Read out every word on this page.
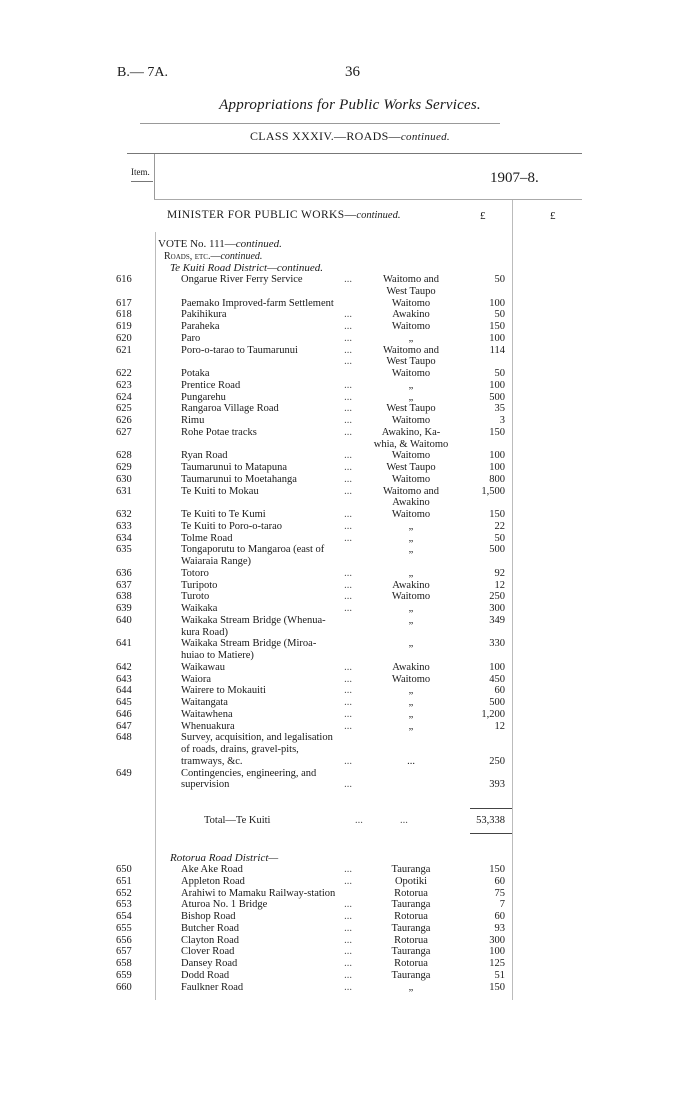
B.— 7A.	36
Appropriations for Public Works Services.
CLASS XXXIV.—ROADS—continued.
Item.	1907–8.
MINISTER FOR PUBLIC WORKS—continued.	£	£
VOTE No. 111—continued.
Roads, etc.—continued.
Te Kuiti Road District—continued.
616	Ongarue River Ferry Service	...	Waitomo and	50
West Taupo
617	Paemako Improved-farm Settlement	Waitomo	100
618	Pakihikura	...	Awakino	50
619	Paraheka	...	Waitomo	150
620	Paro	...	„	100
621	Poro-o-tarao to Taumarunui	...	Waitomo and	114
...	West Taupo
622	Potaka	Waitomo	50
623	Prentice Road	...	„	100
624	Pungarehu	...	„	500
625	Rangaroa Village Road	...	West Taupo	35
626	Rimu	...	Waitomo	3
627	Rohe Potae tracks	...	Awakino, Ka-	150
whia, & Waitomo
628	Ryan Road	...	Waitomo	100
629	Taumarunui to Matapuna	...	West Taupo	100
630	Taumarunui to Moetahanga	...	Waitomo	800
631	Te Kuiti to Mokau	...	Waitomo and	1,500
Awakino
632	Te Kuiti to Te Kumi	...	Waitomo	150
633	Te Kuiti to Poro-o-tarao	...	„	22
634	Tolme Road	...	„	50
635	Tongaporutu to Mangaroa (east of	„	500
Waiaraia Range)
636	Totoro	...	„	92
637	Turipoto	...	Awakino	12
638	Turoto	...	Waitomo	250
639	Waikaka	...	„	300
640	Waikaka Stream Bridge (Whenua-	„	349
kura Road)
641	Waikaka Stream Bridge (Miroa-	„	330
huiao to Matiere)
642	Waikawau	...	Awakino	100
643	Waiora	...	Waitomo	450
644	Wairere to Mokauiti	...	„	60
645	Waitangata	...	„	500
646	Waitawhena	...	„	1,200
647	Whenuakura	...	„	12
648	Survey, acquisition, and legalisation
of roads, drains, gravel-pits,
tramways, &c.	...	...	250
649	Contingencies, engineering, and
supervision	...	393
Total—Te Kuiti	...	...	53,338
Rotorua Road District—
650	Ake Ake Road	...	Tauranga	150
651	Appleton Road	...	Opotiki	60
652	Arahiwi to Mamaku Railway-station	Rotorua	75
653	Aturoa No. 1 Bridge	...	Tauranga	7
654	Bishop Road	...	Rotorua	60
655	Butcher Road	...	Tauranga	93
656	Clayton Road	...	Rotorua	300
657	Clover Road	...	Tauranga	100
658	Dansey Road	...	Rotorua	125
659	Dodd Road	...	Tauranga	51
660	Faulkner Road	...	„	150
